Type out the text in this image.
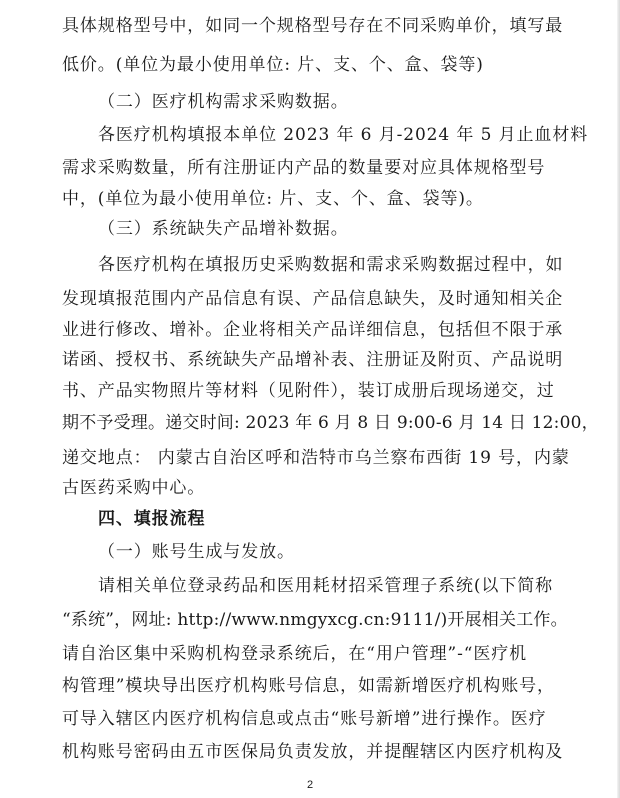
具体规格型号中，如同一个规格型号存在不同采购单价，填写最
低价。(单位为最小使用单位: 片、支、个、盒、袋等)
（二）医疗机构需求采购数据。
各医疗机构填报本单位 2023 年 6 月-2024 年 5 月止血材料
需求采购数量，所有注册证内产品的数量要对应具体规格型号
中，(单位为最小使用单位: 片、支、个、盒、袋等)。
（三）系统缺失产品增补数据。
各医疗机构在填报历史采购数据和需求采购数据过程中，如
发现填报范围内产品信息有误、产品信息缺失，及时通知相关企
业进行修改、增补。企业将相关产品详细信息，包括但不限于承
诺函、授权书、系统缺失产品增补表、注册证及附页、产品说明
书、产品实物照片等材料（见附件），装订成册后现场递交，过
期不予受理。递交时间: 2023 年 6 月 8 日 9:00-6 月 14 日 12:00，
递交地点： 内蒙古自治区呼和浩特市乌兰察布西街 19 号，内蒙
古医药采购中心。
四、填报流程
（一）账号生成与发放。
请相关单位登录药品和医用耗材招采管理子系统(以下简称
“系统”，网址: http://www.nmgyxcg.cn:9111/)开展相关工作。
请自治区集中采购机构登录系统后，在“用户管理”-“医疗机
构管理”模块导出医疗机构账号信息，如需新增医疗机构账号，
可导入辖区内医疗机构信息或点击“账号新增”进行操作。医疗
机构账号密码由五市医保局负责发放，并提醒辖区内医疗机构及
2
